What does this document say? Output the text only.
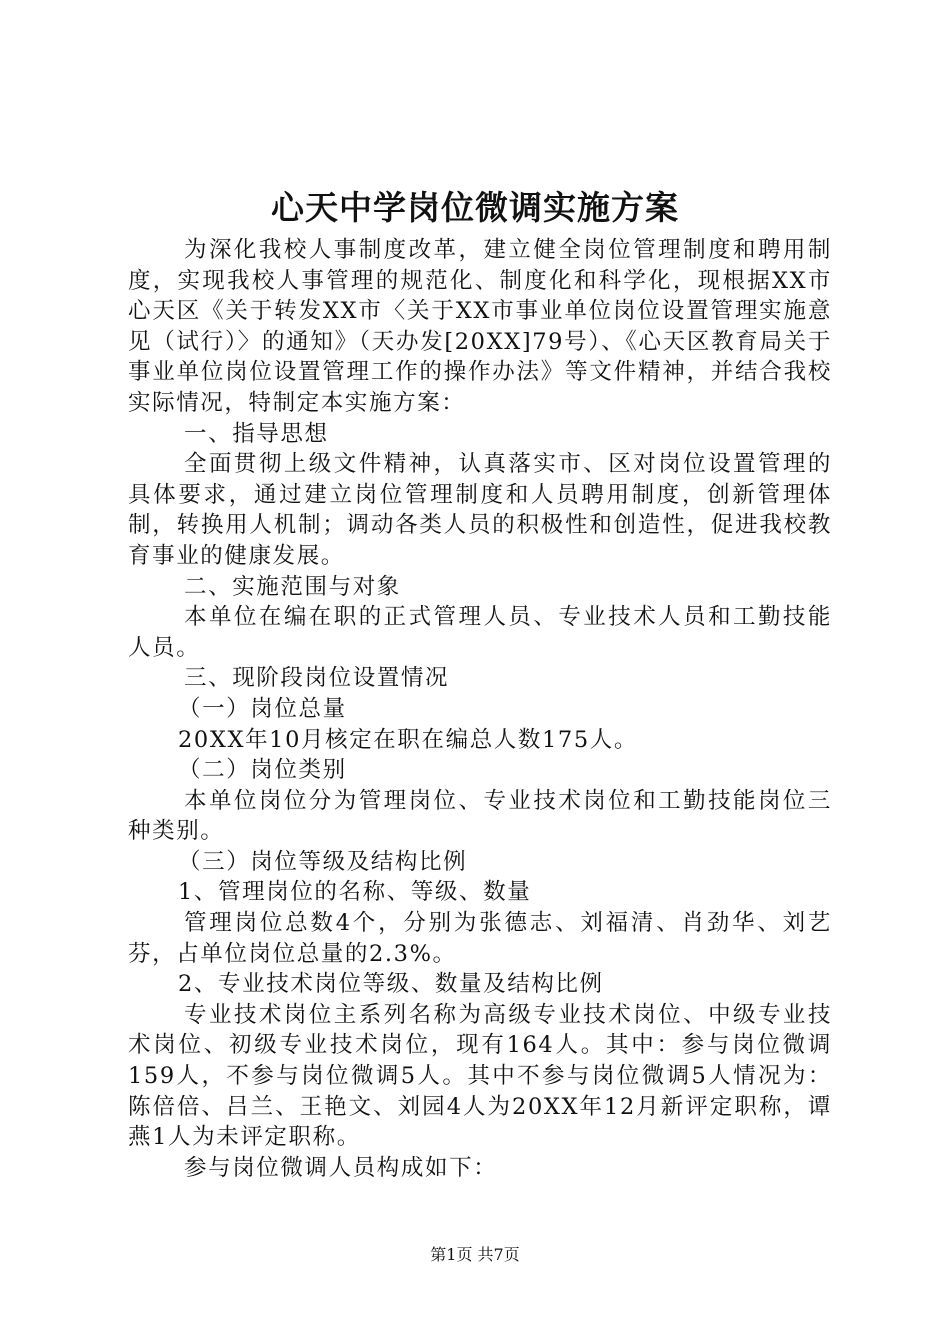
心天中学岗位微调实施方案

为深化我校人事制度改革，建立健全岗位管理制度和聘用制度，实现我校人事管理的规范化、制度化和科学化，现根据XX市心天区《关于转发XX市〈关于XX市事业单位岗位设置管理实施意见（试行）〉的通知》（天办发[20XX]79号）、《心天区教育局关于事业单位岗位设置管理工作的操作办法》等文件精神，并结合我校实际情况，特制定本实施方案：

一、指导思想

全面贯彻上级文件精神，认真落实市、区对岗位设置管理的具体要求，通过建立岗位管理制度和人员聘用制度，创新管理体制，转换用人机制；调动各类人员的积极性和创造性，促进我校教育事业的健康发展。

二、实施范围与对象

本单位在编在职的正式管理人员、专业技术人员和工勤技能人员。

三、现阶段岗位设置情况

（一）岗位总量

20XX年10月核定在职在编总人数175人。

（二）岗位类别

本单位岗位分为管理岗位、专业技术岗位和工勤技能岗位三种类别。

（三）岗位等级及结构比例

1、管理岗位的名称、等级、数量

管理岗位总数4个，分别为张德志、刘福清、肖劲华、刘艺芬，占单位岗位总量的2.3%。

2、专业技术岗位等级、数量及结构比例

专业技术岗位主系列名称为高级专业技术岗位、中级专业技术岗位、初级专业技术岗位，现有164人。其中：参与岗位微调159人，不参与岗位微调5人。其中不参与岗位微调5人情况为：陈倍倍、吕兰、王艳文、刘园4人为20XX年12月新评定职称，谭燕1人为未评定职称。

参与岗位微调人员构成如下：

第1页 共7页
